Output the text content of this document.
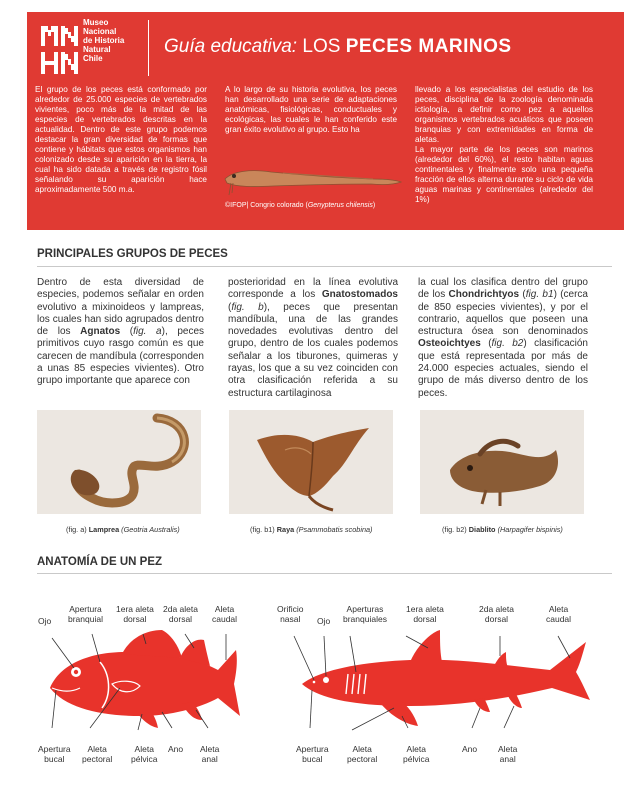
Museo
Nacional
de Historia
Natural
Chile
Guía educativa: LOS PECES MARINOS
El grupo de los peces está conformado por alrededor de 25.000 especies de vertebrados vivientes, poco más de la mitad de las especies de vertebrados descritas en la actualidad. Dentro de este grupo podemos destacar la gran diversidad de formas que contiene y hábitats que estos organismos han colonizado desde su aparición en la tierra, la cual ha sido datada a través de registro fósil señalando su aparición hace aproximadamente 500 m.a.
A lo largo de su historia evolutiva, los peces han desarrollado una serie de adaptaciones anatómicas, fisiológicas, conductuales y ecológicas, las cuales le han conferido este gran éxito evolutivo al grupo. Esto ha
llevado a los especialistas del estudio de los peces, disciplina de la zoología denominada ictiología, a definir como pez a aquellos organismos vertebrados acuáticos que poseen branquias y con extremidades en forma de aletas.
La mayor parte de los peces son marinos (alrededor del 60%), el resto habitan aguas continentales y finalmente solo una pequeña fracción de ellos alterna durante su ciclo de vida aguas marinas y continentales (alrededor del 1%)
©IFOP| Congrio colorado (Genypterus chilensis)
PRINCIPALES GRUPOS DE PECES
Dentro de esta diversidad de especies, podemos señalar en orden evolutivo a mixinoideos y lampreas, los cuales han sido agrupados dentro de los Agnatos (fig. a), peces primitivos cuyo rasgo común es que carecen de mandíbula (corresponden a unas 85 especies vivientes). Otro grupo importante que aparece con
posterioridad en la línea evolutiva corresponde a los Gnatostomados (fig. b), peces que presentan mandíbula, una de las grandes novedades evolutivas dentro del grupo, dentro de los cuales podemos señalar a los tiburones, quimeras y rayas, los que a su vez coinciden con otra clasificación referida a su estructura cartilaginosa
la cual los clasifica dentro del grupo de los Chondrichtyos (fig. b1) (cerca de 850 especies vivientes), y por el contrario, aquellos que poseen una estructura ósea son denominados Osteoichtyes (fig. b2) clasificación que está representada por más de 24.000 especies actuales, siendo el grupo de más diverso dentro de los peces.
(fig. a) Lamprea (Geotria Australis)	(fig. b1) Raya (Psammobatis scobina)	(fig. b2) Diablito (Harpagifer bispinis)
ANATOMÍA DE UN PEZ
Ojo
Apertura
branquial
1era aleta
dorsal
2da aleta
dorsal
Aleta
caudal
Apertura
bucal
Aleta
pectoral
Aleta
pélvica
Ano Aleta
anal
Orificio
nasal	Ojo
Aperturas
branquiales
1era aleta
dorsal
2da aleta
dorsal
Aleta
caudal
Apertura
bucal
Aleta
pectoral
Aleta
pélvica
Ano Aleta
anal
